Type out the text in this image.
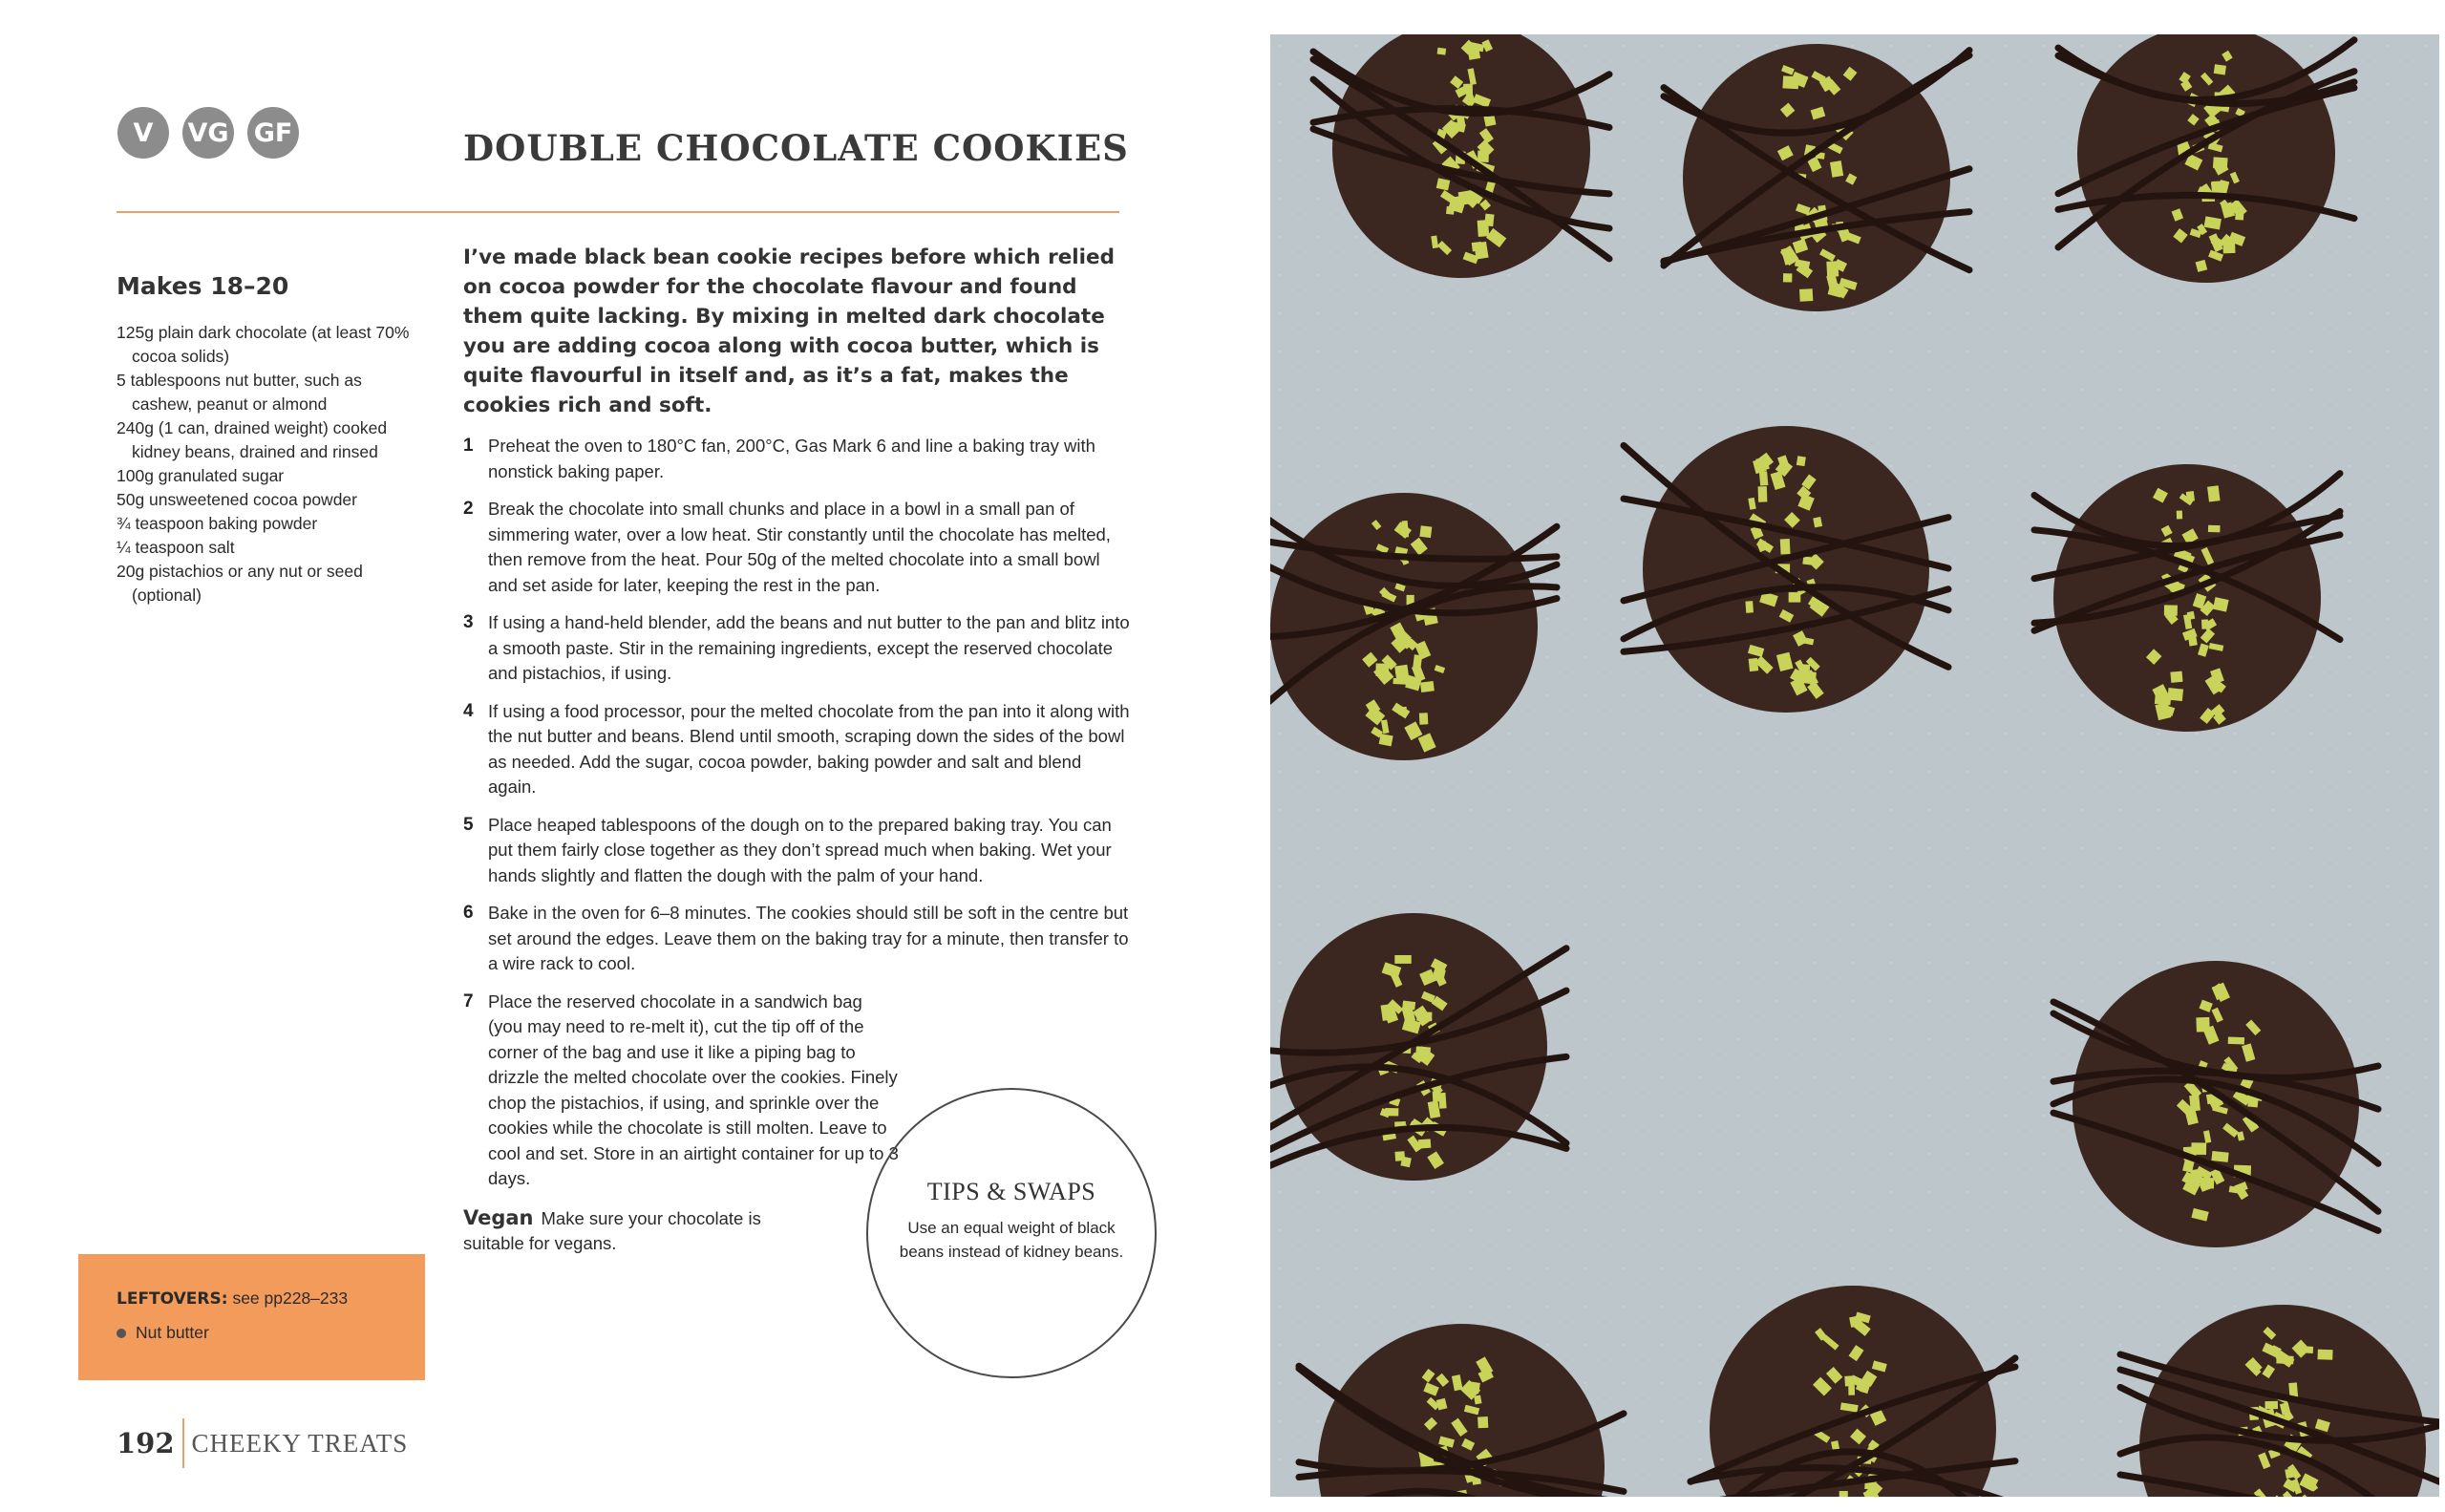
V	VG GF	DOUBLE CHOCOLATE COOKIES
Makes 18–20
125g plain dark chocolate (at least 70% cocoa solids)
5 tablespoons nut butter, such as cashew, peanut or almond
240g (1 can, drained weight) cooked kidney beans, drained and rinsed
100g granulated sugar
50g unsweetened cocoa powder
¾ teaspoon baking powder
¼ teaspoon salt
20g pistachios or any nut or seed (optional)

I’ve made black bean cookie recipes before which relied on cocoa powder for the chocolate flavour and found them quite lacking. By mixing in melted dark chocolate you are adding cocoa along with cocoa butter, which is quite flavourful in itself and, as it’s a fat, makes the cookies rich and soft.

1 Preheat the oven to 180°C fan, 200°C, Gas Mark 6 and line a baking tray with nonstick baking paper.
2 Break the chocolate into small chunks and place in a bowl in a small pan of simmering water, over a low heat. Stir constantly until the chocolate has melted, then remove from the heat. Pour 50g of the melted chocolate into a small bowl and set aside for later, keeping the rest in the pan.
3 If using a hand-held blender, add the beans and nut butter to the pan and blitz into a smooth paste. Stir in the remaining ingredients, except the reserved chocolate and pistachios, if using.
4 If using a food processor, pour the melted chocolate from the pan into it along with the nut butter and beans. Blend until smooth, scraping down the sides of the bowl as needed. Add the sugar, cocoa powder, baking powder and salt and blend again.
5 Place heaped tablespoons of the dough on to the prepared baking tray. You can put them fairly close together as they don’t spread much when baking. Wet your hands slightly and flatten the dough with the palm of your hand.
6 Bake in the oven for 6–8 minutes. The cookies should still be soft in the centre but set around the edges. Leave them on the baking tray for a minute, then transfer to a wire rack to cool.
7 Place the reserved chocolate in a sandwich bag (you may need to re-melt it), cut the tip off of the corner of the bag and use it like a piping bag to drizzle the melted chocolate over the cookies. Finely chop the pistachios, if using, and sprinkle over the cookies while the chocolate is still molten. Leave to cool and set. Store in an airtight container for up to 3 days.

Vegan Make sure your chocolate is suitable for vegans.

TIPS & SWAPS
Use an equal weight of black beans instead of kidney beans.
LEFTOVERS: see pp228–233
Nut butter
192 CHEEKY TREATS
